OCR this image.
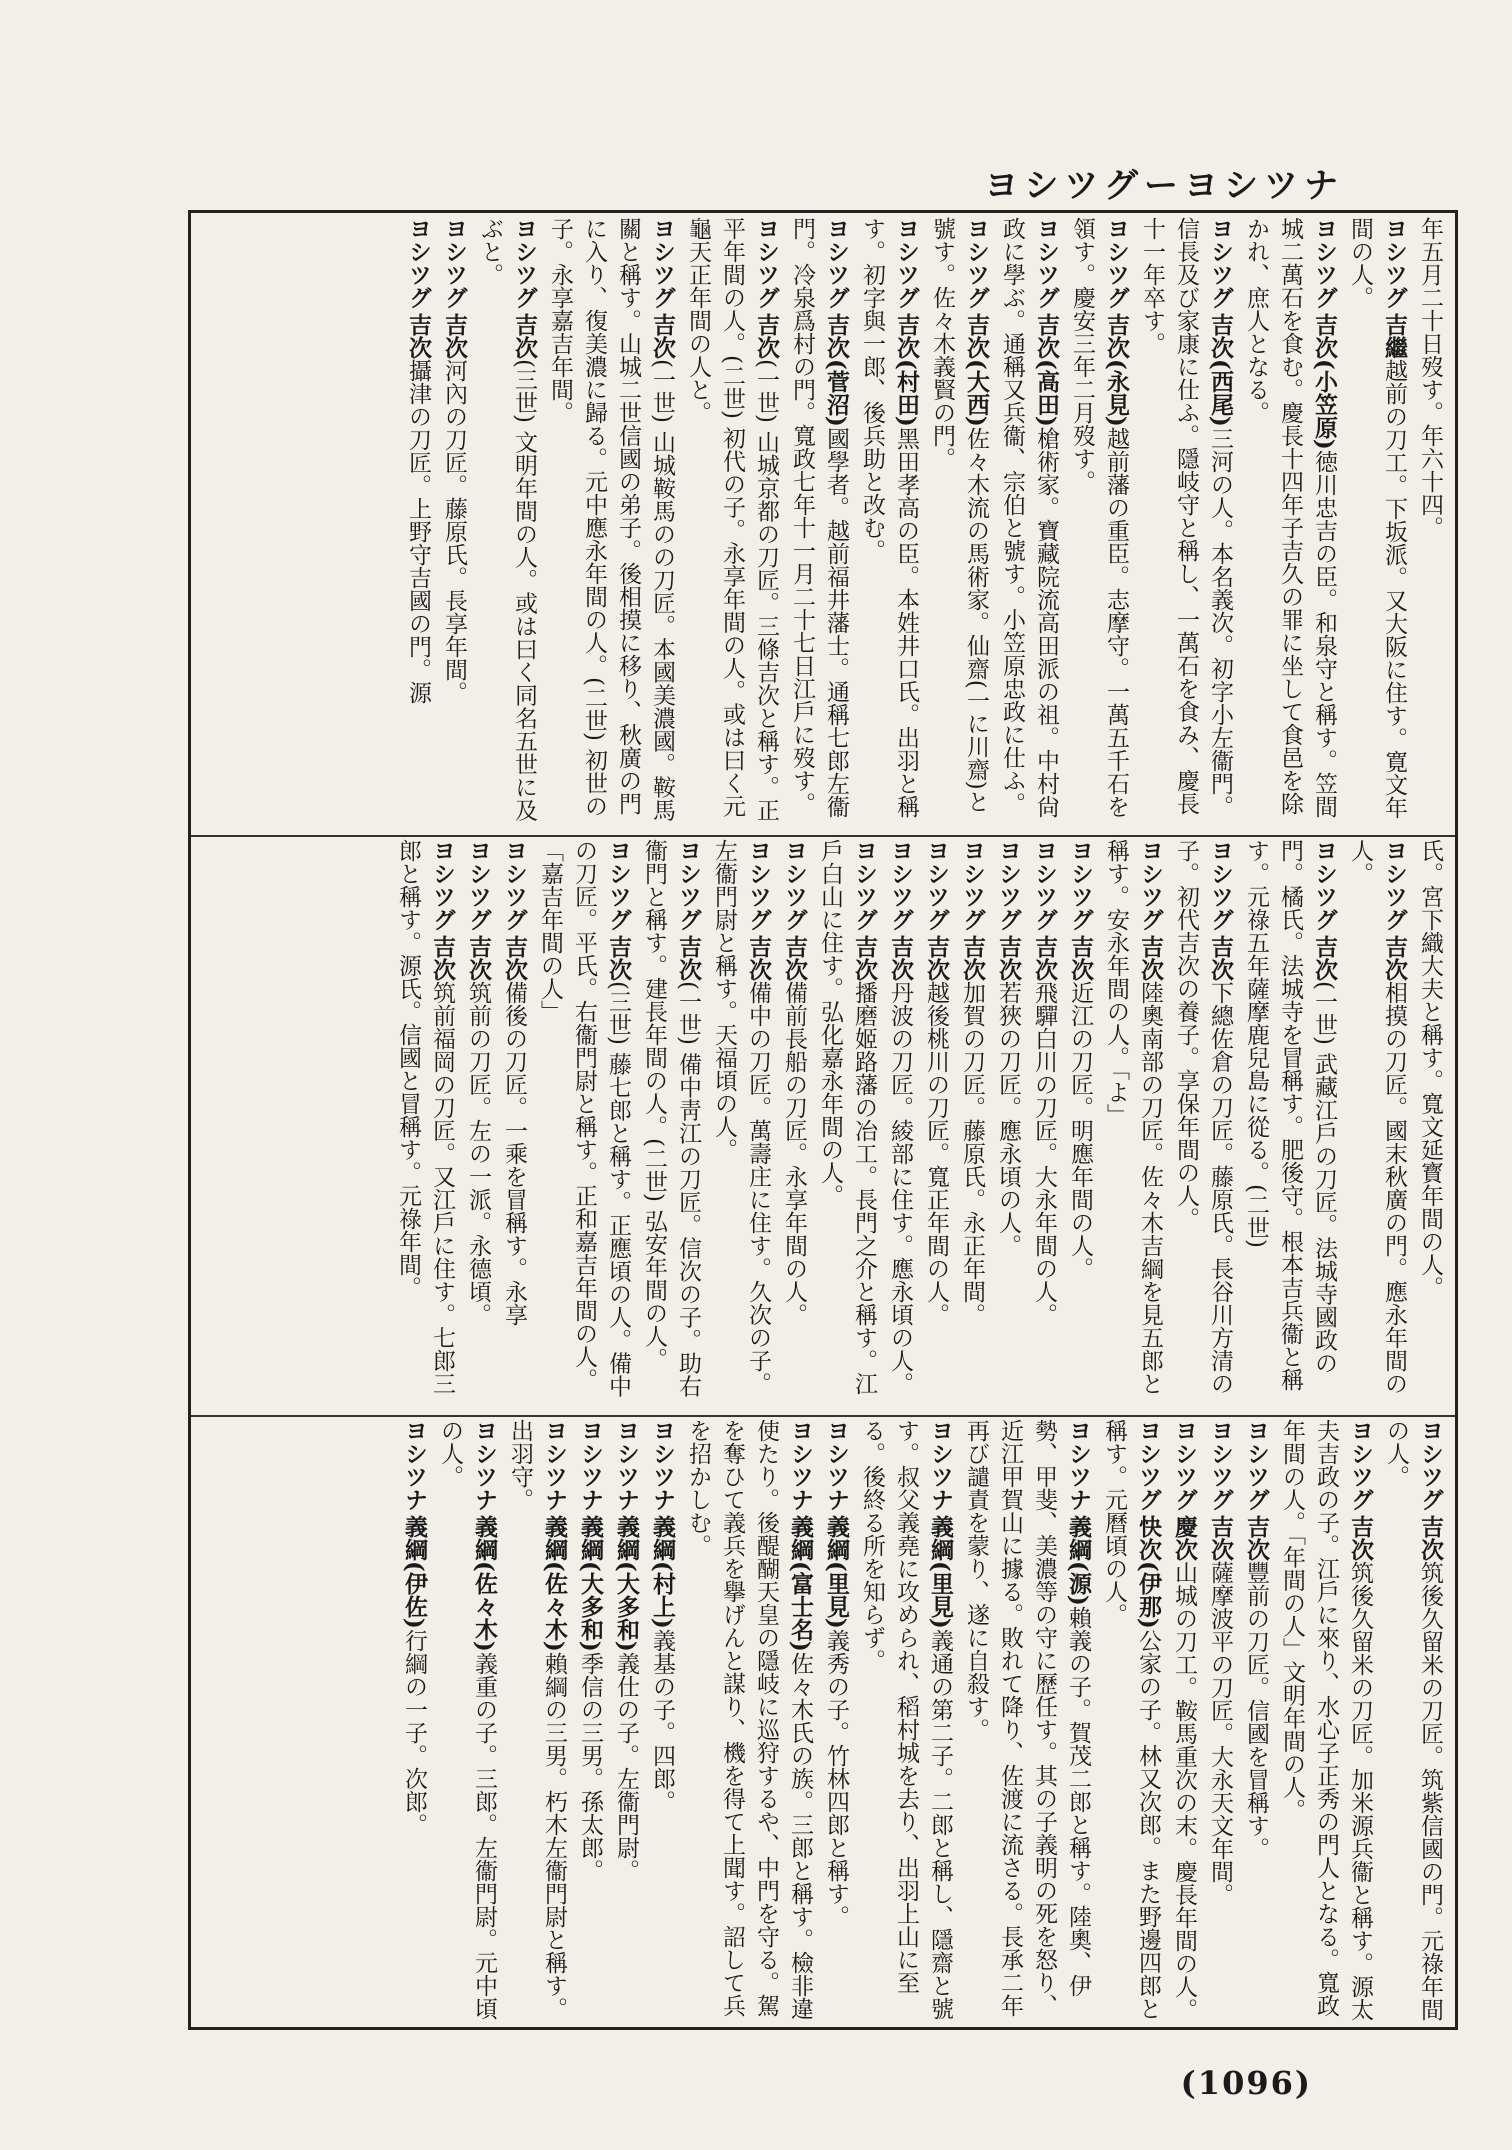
ヨシツグーヨシツナ
年五月二十日歿す。年六十四。
ヨシツグ吉繼越前の刀工。下坂派。又大阪に住す。寛文年間の人。
ヨシツグ吉次(小笠原)徳川忠吉の臣。和泉守と稱す。笠間城二萬石を食む。慶長十四年子吉久の罪に坐して食邑を除かれ、庶人となる。
ヨシツグ吉次(西尾)三河の人。本名義次。初字小左衞門。信長及び家康に仕ふ。隱岐守と稱し、一萬石を食み、慶長十一年卒す。
ヨシツグ吉次(永見)越前藩の重臣。志摩守。一萬五千石を領す。慶安三年二月歿す。
ヨシツグ吉次(高田)槍術家。寶藏院流高田派の祖。中村尙政に學ぶ。通稱又兵衞、宗伯と號す。小笠原忠政に仕ふ。
ヨシツグ吉次(大西)佐々木流の馬術家。仙齋(一に川齋)と號す。佐々木義賢の門。
ヨシツグ吉次(村田)黑田孝高の臣。本姓井口氏。出羽と稱す。初字與一郎、後兵助と改む。
ヨシツグ吉次(菅沼)國學者。越前福井藩士。通稱七郎左衞門。冷泉爲村の門。寬政七年十一月二十七日江戶に歿す。
ヨシツグ吉次(一世) 山城京都の刀匠。三條吉次と稱す。正平年間の人。(二世) 初代の子。永享年間の人。或は曰く元龜天正年間の人と。
ヨシツグ吉次(一世) 山城鞍馬のの刀匠。本國美濃國。鞍馬關と稱す。山城二世信國の弟子。後相摸に移り、秋廣の門に入り、復美濃に歸る。元中應永年間の人。(二世) 初世の子。永享嘉吉年間。
ヨシツグ吉次(三世) 文明年間の人。或は曰く同名五世に及ぶと。
ヨシツグ吉次河內の刀匠。藤原氏。長享年間。
ヨシツグ吉次攝津の刀匠。上野守吉國の門。源
氏。宮下織大夫と稱す。寬文延寳年間の人。
ヨシツグ吉次相摸の刀匠。國末秋廣の門。應永年間の人。
ヨシツグ吉次(一世) 武藏江戶の刀匠。法城寺國政の門。橘氏。法城寺を冒稱す。肥後守。根本吉兵衞と稱す。元祿五年薩摩鹿兒島に從る。(二世)
ヨシツグ吉次下總佐倉の刀匠。藤原氏。長谷川方清の子。初代吉次の養子。享保年間の人。
ヨシツグ吉次陸奧南部の刀匠。佐々木吉綱を見五郎と稱す。安永年間の人。「よ」
ヨシツグ吉次近江の刀匠。明應年間の人。
ヨシツグ吉次飛驒白川の刀匠。大永年間の人。
ヨシツグ吉次若狹の刀匠。應永頃の人。
ヨシツグ吉次加賀の刀匠。藤原氏。永正年間。
ヨシツグ吉次越後桃川の刀匠。寬正年間の人。
ヨシツグ吉次丹波の刀匠。綾部に住す。應永頃の人。
ヨシツグ吉次播磨姬路藩の冶工。長門之介と稱す。江戶白山に住す。弘化嘉永年間の人。
ヨシツグ吉次備前長船の刀匠。永享年間の人。
ヨシツグ吉次備中の刀匠。萬壽庄に住す。久次の子。左衞門尉と稱す。天福頃の人。
ヨシツグ吉次(一世) 備中靑江の刀匠。信次の子。助右衞門と稱す。建長年間の人。(二世) 弘安年間の人。
ヨシツグ吉次(三世) 藤七郎と稱す。正應頃の人。備中の刀匠。平氏。右衞門尉と稱す。正和嘉吉年間の人。「嘉吉年間の人」
ヨシツグ吉次備後の刀匠。一乘を冒稱す。永享
ヨシツグ吉次筑前の刀匠。左の一派。永德頃。
ヨシツグ吉次筑前福岡の刀匠。又江戶に住す。七郎三郎と稱す。源氏。信國と冒稱す。元祿年間。
ヨシツグ吉次筑後久留米の刀匠。筑紫信國の門。元祿年間の人。
ヨシツグ吉次筑後久留米の刀匠。加米源兵衞と稱す。源太夫吉政の子。江戶に來り、水心子正秀の門人となる。寬政年間の人。「年間の人」文明年間の人。
ヨシツグ吉次豐前の刀匠。信國を冒稱す。
ヨシツグ吉次薩摩波平の刀匠。大永天文年間。
ヨシツグ慶次山城の刀工。鞍馬重次の末。慶長年間の人。
ヨシツグ快次(伊那)公家の子。林又次郎。また野邊四郎と稱す。元曆頃の人。
ヨシツナ義綱(源)賴義の子。賀茂二郎と稱す。陸奧、伊勢、甲斐、美濃等の守に歷任す。其の子義明の死を怒り、近江甲賀山に據る。敗れて降り、佐渡に流さる。長承二年再び譴責を蒙り、遂に自殺す。
ヨシツナ義綱(里見)義通の第二子。二郎と稱し、隱齋と號す。叔父義堯に攻められ、稻村城を去り、出羽上山に至る。後終る所を知らず。
ヨシツナ義綱(里見)義秀の子。竹林四郎と稱す。
ヨシツナ義綱(富士名)佐々木氏の族。三郎と稱す。檢非違使たり。後醍醐天皇の隱岐に巡狩するや、中門を守る。駕を奪ひて義兵を擧げんと謀り、機を得て上聞す。詔して兵を招かしむ。
ヨシツナ義綱(村上)義基の子。四郎。
ヨシツナ義綱(大多和)義仕の子。左衞門尉。
ヨシツナ義綱(大多和)季信の三男。孫太郎。
ヨシツナ義綱(佐々木)賴綱の三男。朽木左衞門尉と稱す。出羽守。
ヨシツナ義綱(佐々木)義重の子。三郎。左衞門尉。元中頃の人。
ヨシツナ義綱(伊佐)行綱の一子。次郎。
(1096)
